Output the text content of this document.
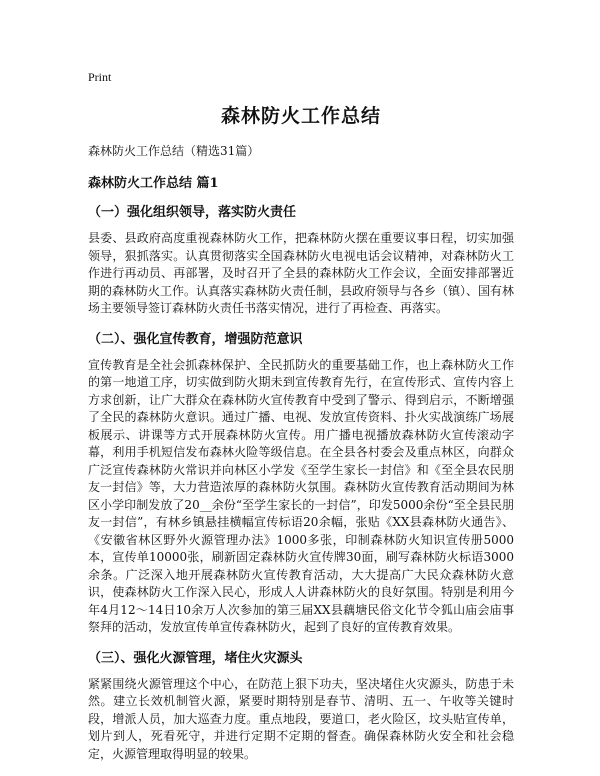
Print
森林防火工作总结
森林防火工作总结（精选31篇）
森林防火工作总结 篇1
（一）强化组织领导，落实防火责任
县委、县政府高度重视森林防火工作，把森林防火摆在重要议事日程，切实加强领导，狠抓落实。认真贯彻落实全国森林防火电视电话会议精神，对森林防火工作进行再动员、再部署，及时召开了全县的森林防火工作会议，全面安排部署近期的森林防火工作。认真落实森林防火责任制，县政府领导与各乡（镇）、国有林场主要领导签订森林防火责任书落实情况，进行了再检查、再落实。
（二）、强化宣传教育，增强防范意识
宣传教育是全社会抓森林保护、全民抓防火的重要基础工作，也上森林防火工作的第一地道工序，切实做到防火期未到宣传教育先行，在宣传形式、宣传内容上方求创新，让广大群众在森林防火宣传教育中受到了警示、得到启示，不断增强了全民的森林防火意识。通过广播、电视、发放宣传资料、扑火实战演练广场展板展示、讲课等方式开展森林防火宣传。用广播电视播放森林防火宣传滚动字幕，利用手机短信发布森林火险等级信息。在全县各村委会及重点林区，向群众广泛宣传森林防火常识并向林区小学发《至学生家长一封信》和《至全县农民朋友一封信》等，大力营造浓厚的森林防火氛围。森林防火宣传教育活动期间为林区小学印制发放了20__余份“至学生家长的一封信”，印发5000余份“至全县民朋友一封信”，有林乡镇悬挂横幅宣传标语20余幅，张贴《XX县森林防火通告》、《安徽省林区野外火源管理办法》1000多张，印制森林防火知识宣传册5000本，宣传单10000张，刷新固定森林防火宣传牌30面，刷写森林防火标语3000余条。广泛深入地开展森林防火宣传教育活动，大大提高广大民众森林防火意识，使森林防火工作深入民心，形成人人讲森林防火的良好氛围。特别是利用今年4月12～14日10余万人次参加的第三届XX县藕塘民俗文化节令狐山庙会庙事祭拜的活动，发放宣传单宣传森林防火，起到了良好的宣传教育效果。
（三）、强化火源管理，堵住火灾源头
紧紧围绕火源管理这个中心，在防范上狠下功夫，坚决堵住火灾源头，防患于未然。建立长效机制管火源，紧要时期特别是春节、清明、五一、午收等关键时段，增派人员，加大巡查力度。重点地段，要道口，老火险区，坟头贴宣传单，划片到人，死看死守，并进行定期不定期的督查。确保森林防火安全和社会稳定，火源管理取得明显的较果。
